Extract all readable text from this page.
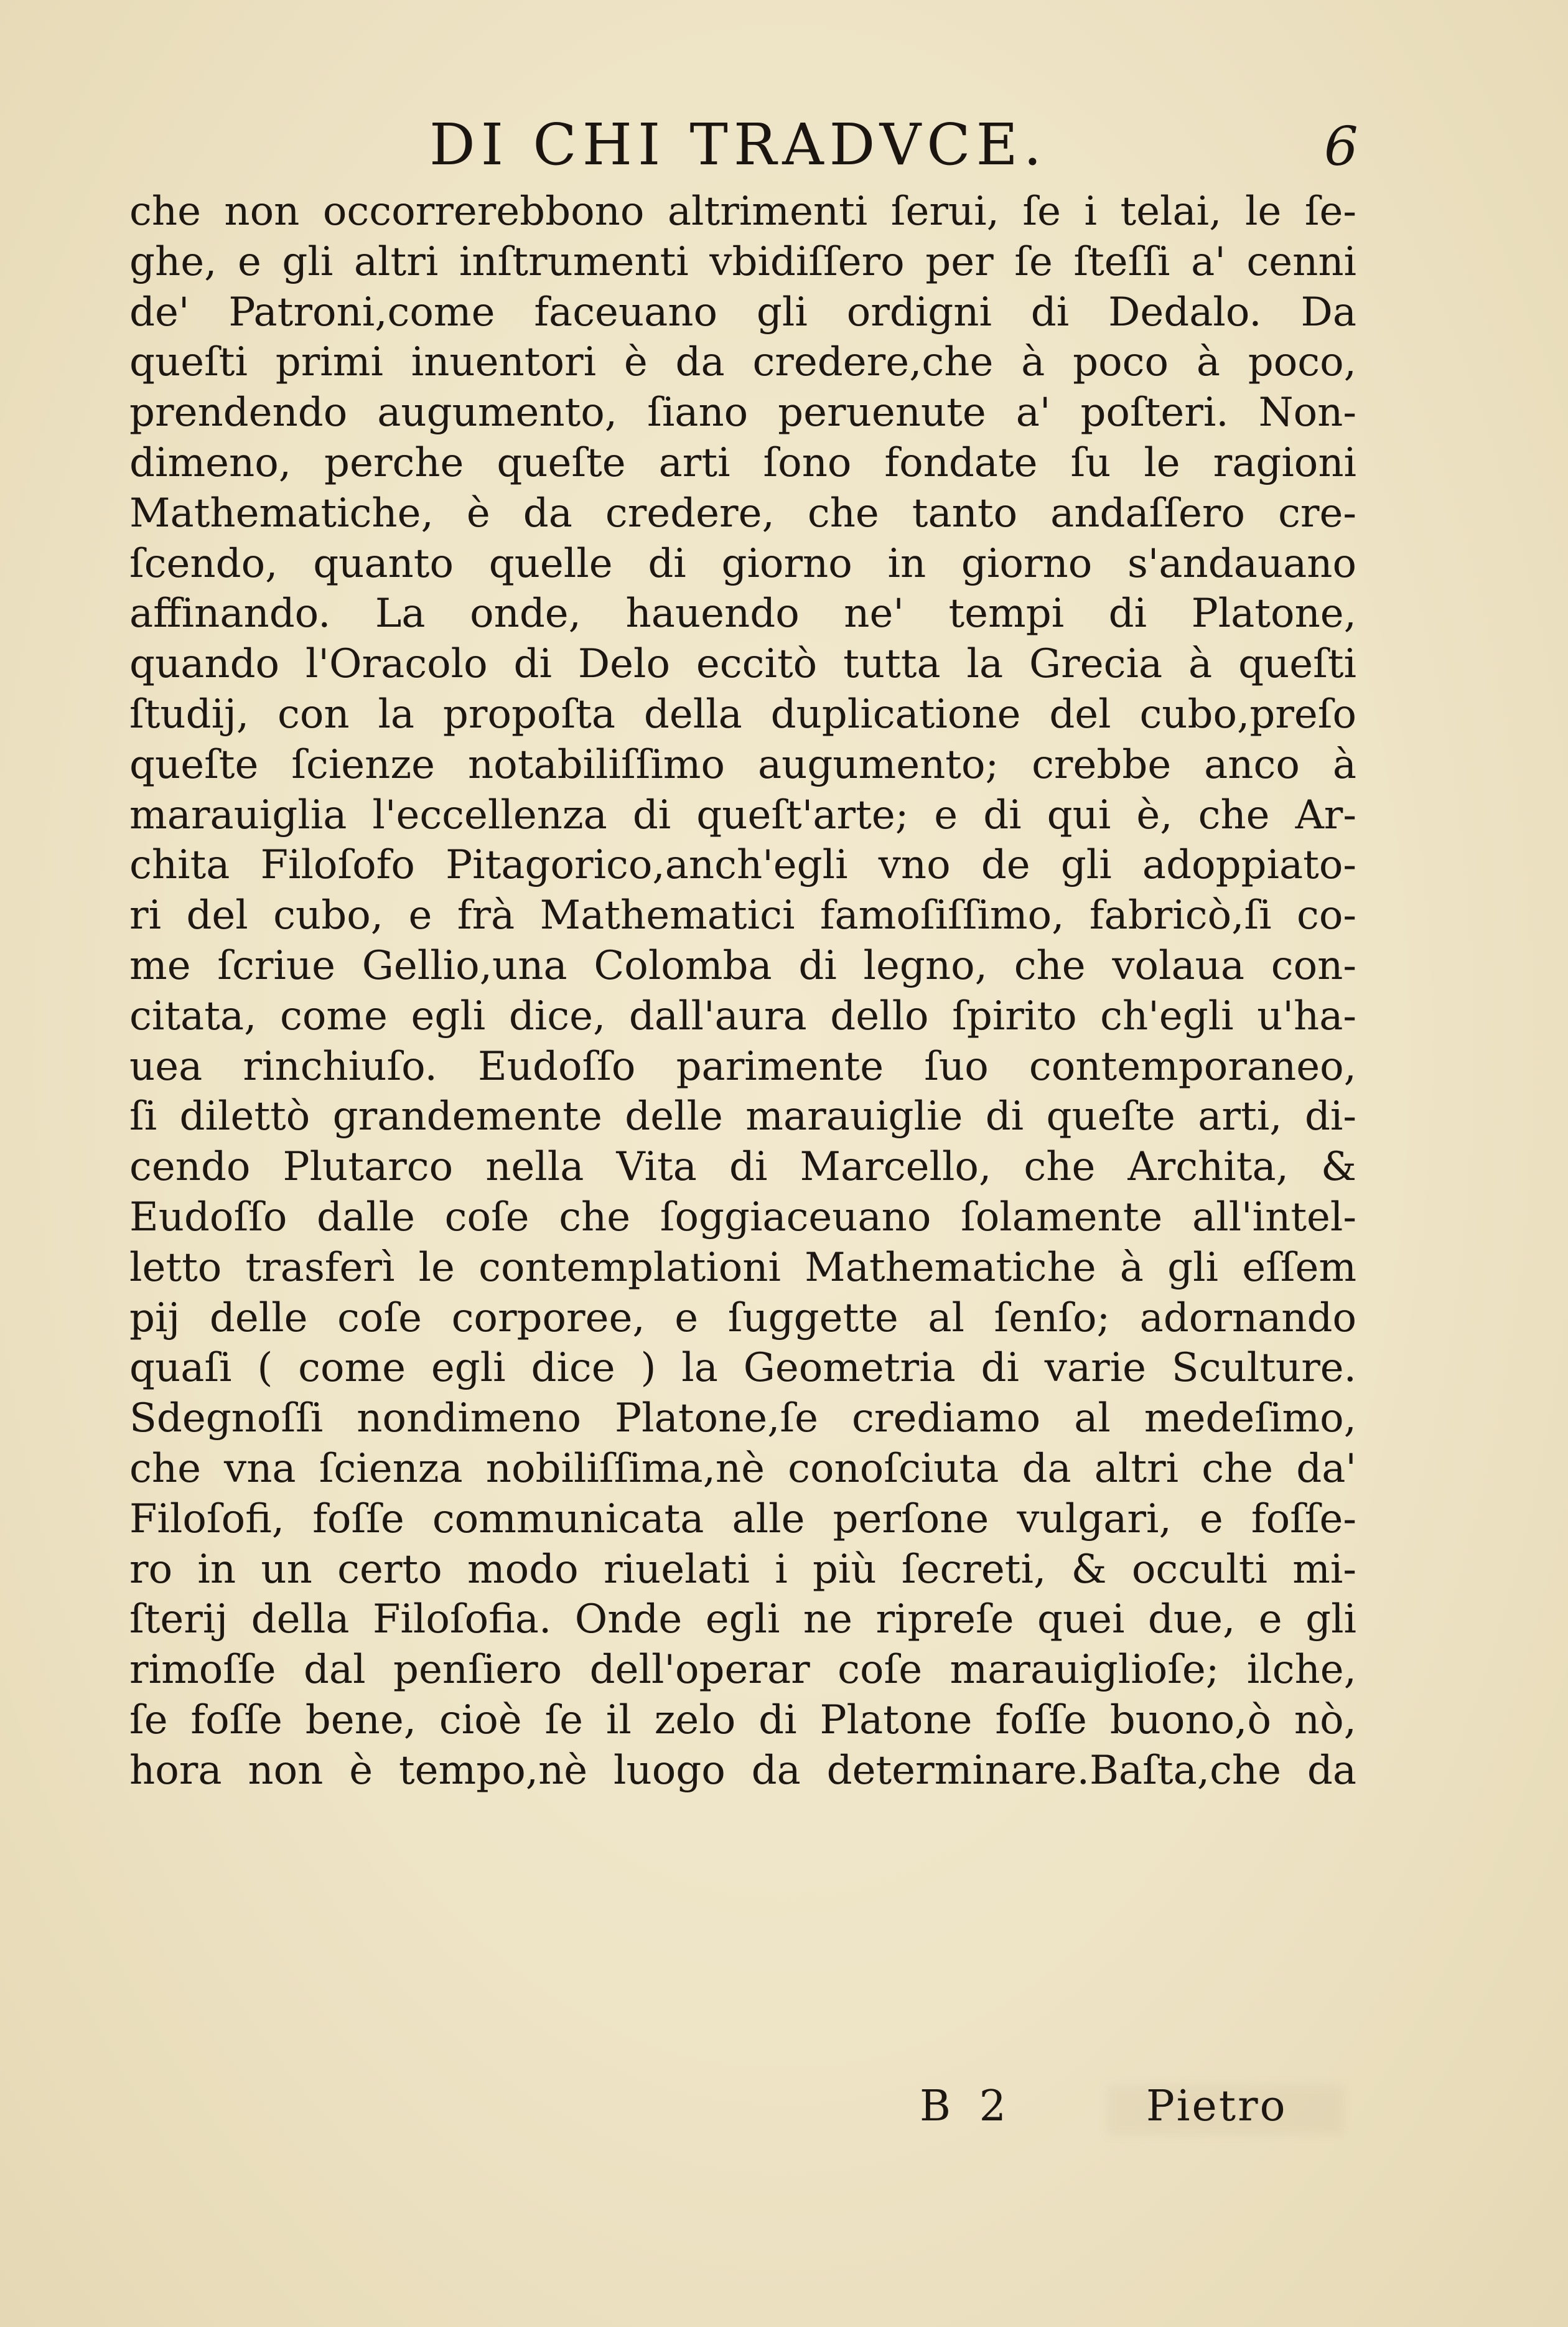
DI CHI TRADVCE.	6
che non occorrerebbono altrimenti ſerui, ſe i telai, le ſe-
ghe, e gli altri inſtrumenti vbidiſſero per ſe ſteſſi a' cenni
de' Patroni,come faceuano gli ordigni di Dedalo. Da
queſti primi inuentori è da credere,che à poco à poco,
prendendo augumento, ſiano peruenute a' poſteri. Non-
dimeno, perche queſte arti ſono fondate ſu le ragioni
Mathematiche, è da credere, che tanto andaſſero cre-
ſcendo, quanto quelle di giorno in giorno s'andauano
affinando. La onde, hauendo ne' tempi di Platone,
quando l'Oracolo di Delo eccitò tutta la Grecia à queſti
ſtudij, con la propoſta della duplicatione del cubo,preſo
queſte ſcienze notabiliſſimo augumento; crebbe anco à
marauiglia l'eccellenza di queſt'arte; e di qui è, che Ar-
chita Filoſofo Pitagorico,anch'egli vno de gli adoppiato-
ri del cubo, e frà Mathematici famoſiſſimo, fabricò,ſi co-
me ſcriue Gellio,una Colomba di legno, che volaua con-
citata, come egli dice, dall'aura dello ſpirito ch'egli u'ha-
uea rinchiuſo. Eudoſſo parimente ſuo contemporaneo,
ſi dilettò grandemente delle marauiglie di queſte arti, di-
cendo Plutarco nella Vita di Marcello, che Archita, &
Eudoſſo dalle coſe che ſoggiaceuano ſolamente all'intel-
letto trasferì le contemplationi Mathematiche à gli eſſem
pij delle coſe corporee, e ſuggette al ſenſo; adornando
quaſi ( come egli dice ) la Geometria di varie Sculture.
Sdegnoſſi nondimeno Platone,ſe crediamo al medeſimo,
che vna ſcienza nobiliſſima,nè conoſciuta da altri che da'
Filoſofi, foſſe communicata alle perſone vulgari, e foſſe-
ro in un certo modo riuelati i più ſecreti, & occulti mi-
ſterij della Filoſofia. Onde egli ne ripreſe quei due, e gli
rimoſſe dal penſiero dell'operar coſe marauiglioſe; ilche,
ſe foſſe bene, cioè ſe il zelo di Platone foſſe buono,ò nò,
hora non è tempo,nè luogo da determinare.Baſta,che da
B 2	Pietro
